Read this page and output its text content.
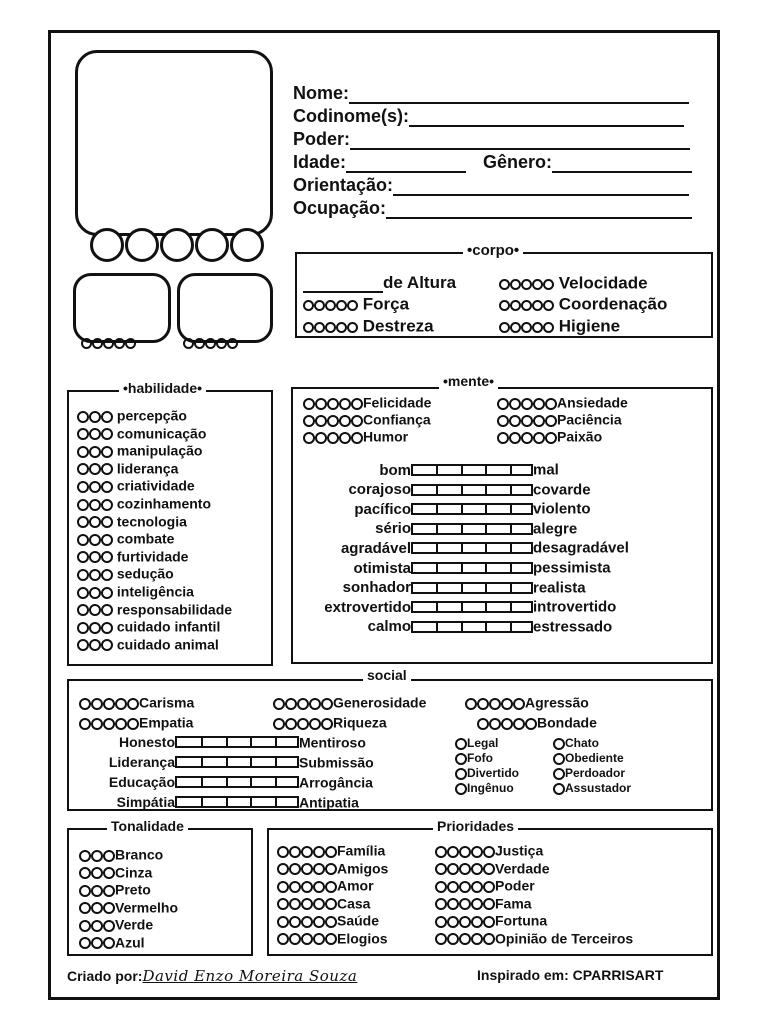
Nome:
Codinome(s):
Poder:
Idade:	Gênero:
Orientação:
Ocupação:
•corpo•
de Altura
Força
Destreza
Velocidade
Coordenação
Higiene
•habilidade•	•mente•
social
Tonalidade	Prioridades
Criado por:David Enzo Moreira Souza	Inspirado em: CPARRISART
percepção
comunicação
manipulação
liderança
criatividade
cozinhamento
tecnologia
combate
furtividade
sedução
inteligência
responsabilidade
cuidado infantil
cuidado animal
Felicidade
Confiança
Humor
Ansiedade
Paciência
Paixão
bom	mal
corajoso	covarde
pacífico	violento
sério	alegre
agradável	desagradável
otimista	pessimista
sonhador	realista
extrovertido	introvertido
calmo	estressado
Carisma	Generosidade	Agressão
Empatia	Riqueza	Bondade
Honesto	Mentiroso
Liderança	Submissão
Educação	Arrogância
Simpátia	Antipatia
Legal
Fofo
Divertido
Ingênuo
Chato
Obediente
Perdoador
Assustador
Branco
Cinza
Preto
Vermelho
Verde
Azul
Família
Amigos
Amor
Casa
Saúde
Elogios
Justiça
Verdade
Poder
Fama
Fortuna
Opinião de Terceiros
